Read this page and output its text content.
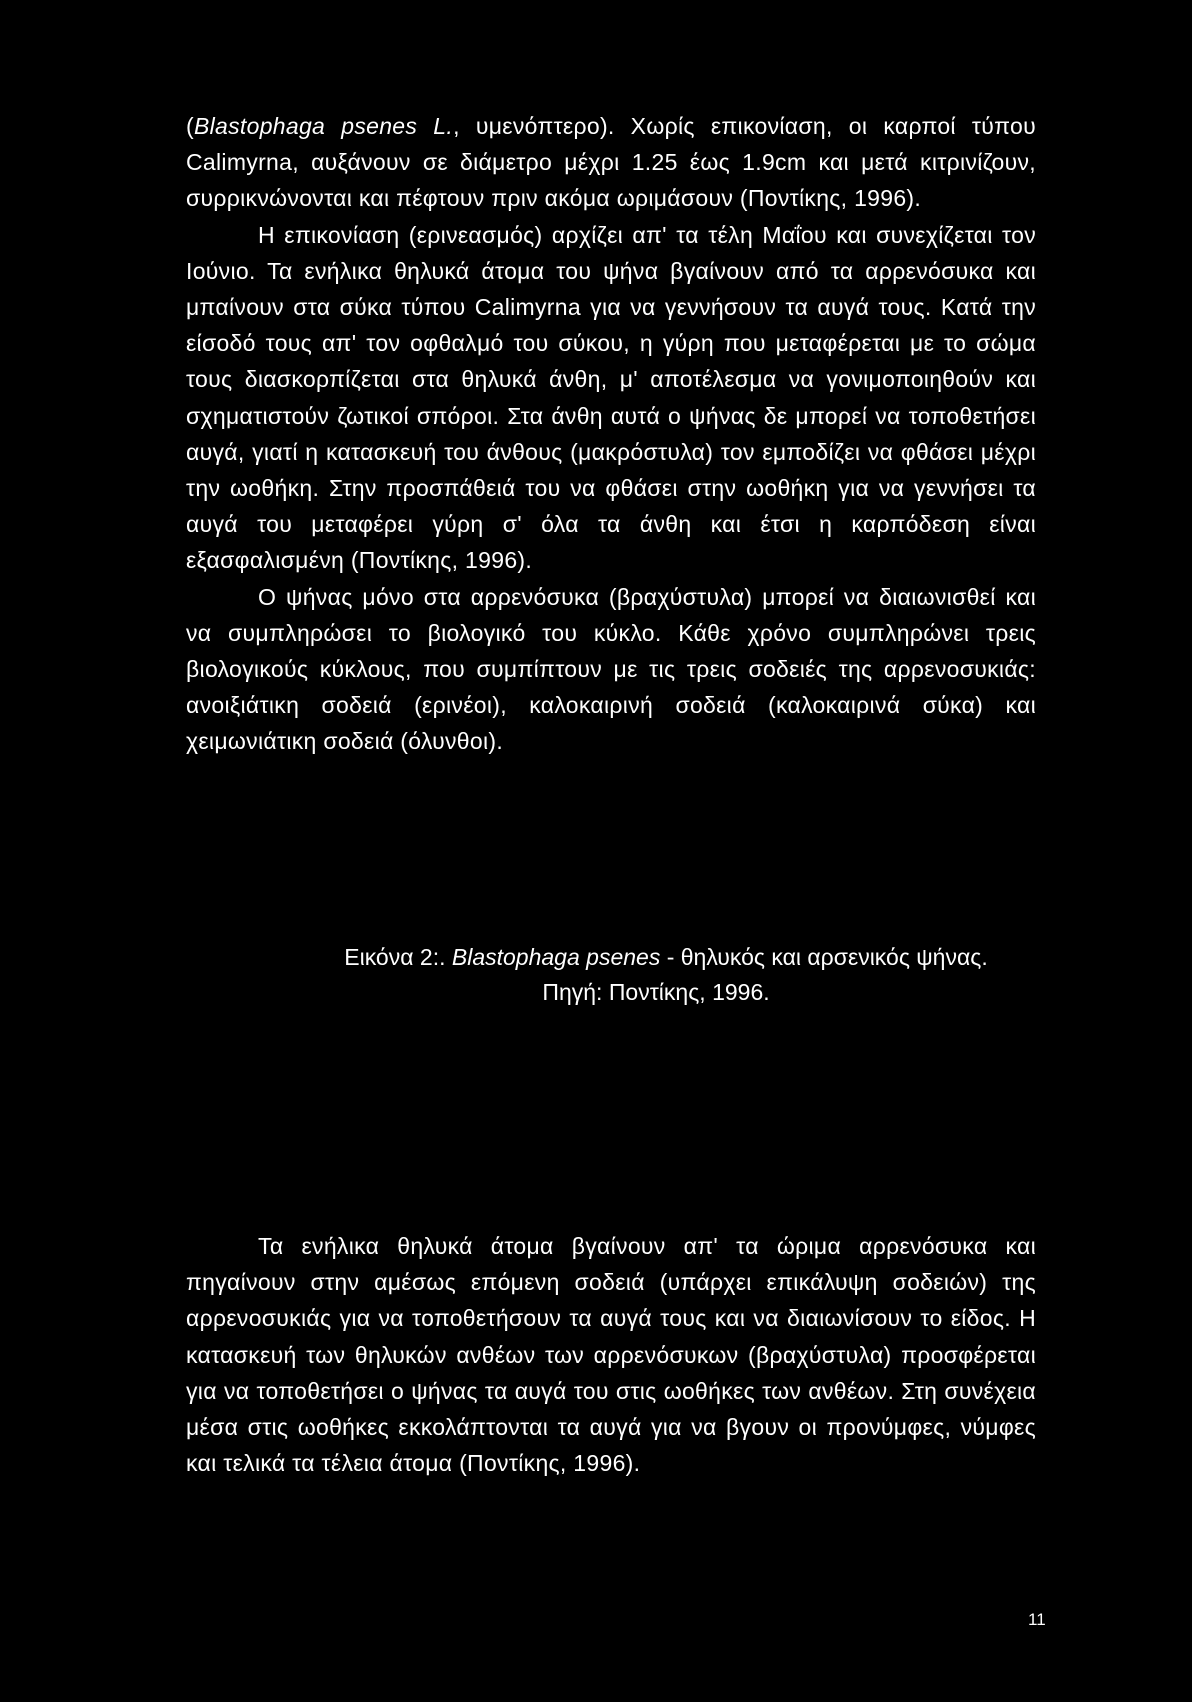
(Blastophaga psenes L., υμενόπτερο). Χωρίς επικονίαση, οι καρποί τύπου Calimyrna, αυξάνουν σε διάμετρο μέχρι 1.25 έως 1.9cm και μετά κιτρινίζουν, συρρικνώνονται και πέφτουν πριν ακόμα ωριμάσουν (Ποντίκης, 1996).

Η επικονίαση (ερινεασμός) αρχίζει απ' τα τέλη Μαΐου και συνεχίζεται τον Ιούνιο. Τα ενήλικα θηλυκά άτομα του ψήνα βγαίνουν από τα αρρενόσυκα και μπαίνουν στα σύκα τύπου Calimyrna για να γεννήσουν τα αυγά τους. Κατά την είσοδό τους απ' τον οφθαλμό του σύκου, η γύρη που μεταφέρεται με το σώμα τους διασκορπίζεται στα θηλυκά άνθη, μ' αποτέλεσμα να γονιμοποιηθούν και σχηματιστούν ζωτικοί σπόροι. Στα άνθη αυτά ο ψήνας δε μπορεί να τοποθετήσει αυγά, γιατί η κατασκευή του άνθους (μακρόστυλα) τον εμποδίζει να φθάσει μέχρι την ωοθήκη. Στην προσπάθειά του να φθάσει στην ωοθήκη για να γεννήσει τα αυγά του μεταφέρει γύρη σ' όλα τα άνθη και έτσι η καρπόδεση είναι εξασφαλισμένη (Ποντίκης, 1996).

Ο ψήνας μόνο στα αρρενόσυκα (βραχύστυλα) μπορεί να διαιωνισθεί και να συμπληρώσει το βιολογικό του κύκλο. Κάθε χρόνο συμπληρώνει τρεις βιολογικούς κύκλους, που συμπίπτουν με τις τρεις σοδειές της αρρενοσυκιάς: ανοιξιάτικη σοδειά (ερινέοι), καλοκαιρινή σοδειά (καλοκαιρινά σύκα) και χειμωνιάτικη σοδειά (όλυνθοι).

Εικόνα 2:. Blastophaga psenes - θηλυκός και αρσενικός ψήνας.
Πηγή: Ποντίκης, 1996.

Τα ενήλικα θηλυκά άτομα βγαίνουν απ' τα ώριμα αρρενόσυκα και πηγαίνουν στην αμέσως επόμενη σοδειά (υπάρχει επικάλυψη σοδειών) της αρρενοσυκιάς για να τοποθετήσουν τα αυγά τους και να διαιωνίσουν το είδος. Η κατασκευή των θηλυκών ανθέων των αρρενόσυκων (βραχύστυλα) προσφέρεται για να τοποθετήσει ο ψήνας τα αυγά του στις ωοθήκες των ανθέων. Στη συνέχεια μέσα στις ωοθήκες εκκολάπτονται τα αυγά για να βγουν οι προνύμφες, νύμφες και τελικά τα τέλεια άτομα (Ποντίκης, 1996).

11
